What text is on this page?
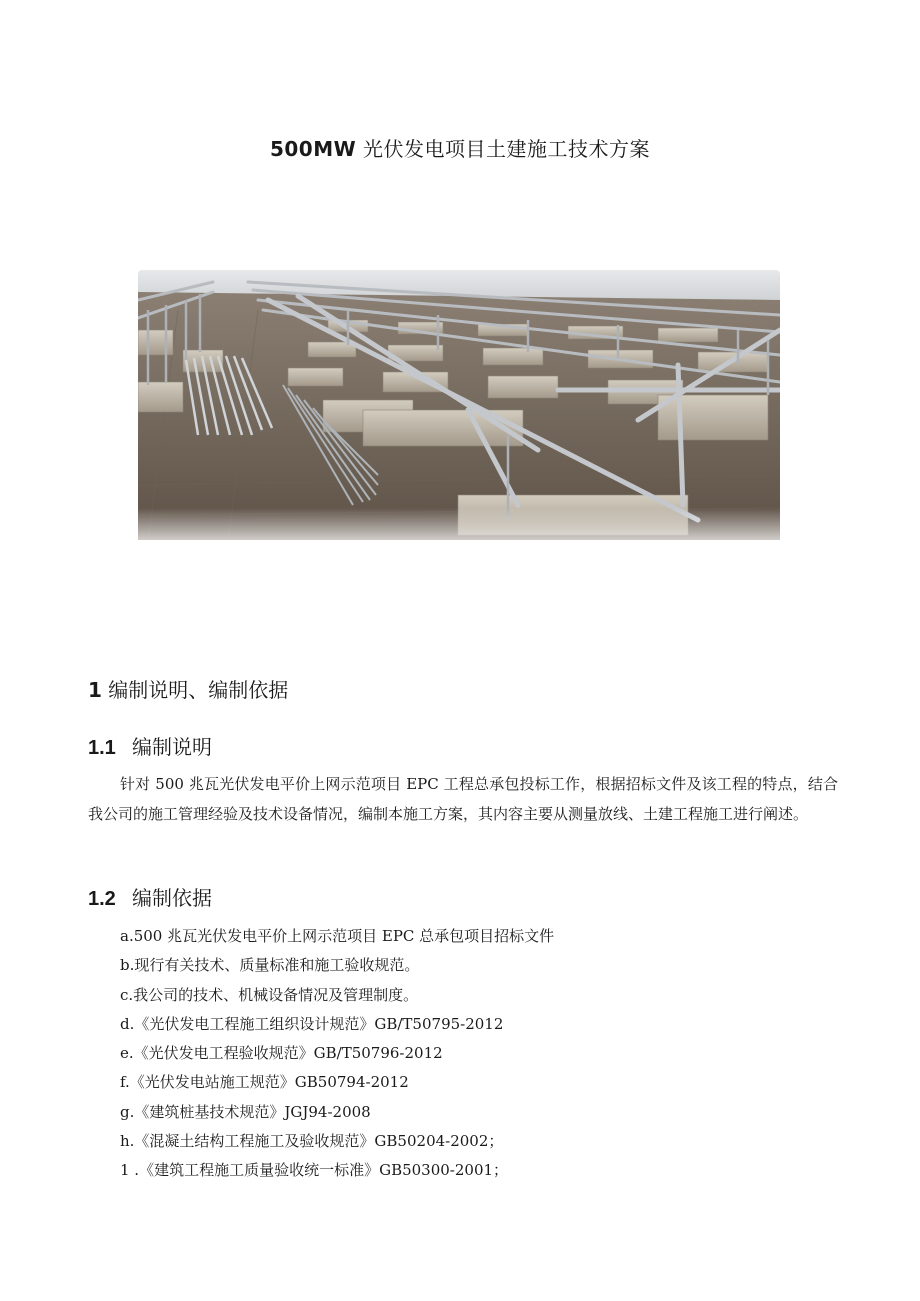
500MW 光伏发电项目土建施工技术方案
1 编制说明、编制依据
1.1 编制说明

针对 500 兆瓦光伏发电平价上网示范项目 EPC 工程总承包投标工作，根据招标文件及该工程的特点，结合我公司的施工管理经验及技术设备情况，编制本施工方案，其内容主要从测量放线、土建工程施工进行阐述。

1.2 编制依据
a.500 兆瓦光伏发电平价上网示范项目 EPC 总承包项目招标文件
b.现行有关技术、质量标准和施工验收规范。
c.我公司的技术、机械设备情况及管理制度。
d.《光伏发电工程施工组织设计规范》GB/T50795-2012
e.《光伏发电工程验收规范》GB/T50796-2012
f.《光伏发电站施工规范》GB50794-2012
g.《建筑桩基技术规范》JGJ94-2008
h.《混凝土结构工程施工及验收规范》GB50204-2002；
1 .《建筑工程施工质量验收统一标准》GB50300-2001；
